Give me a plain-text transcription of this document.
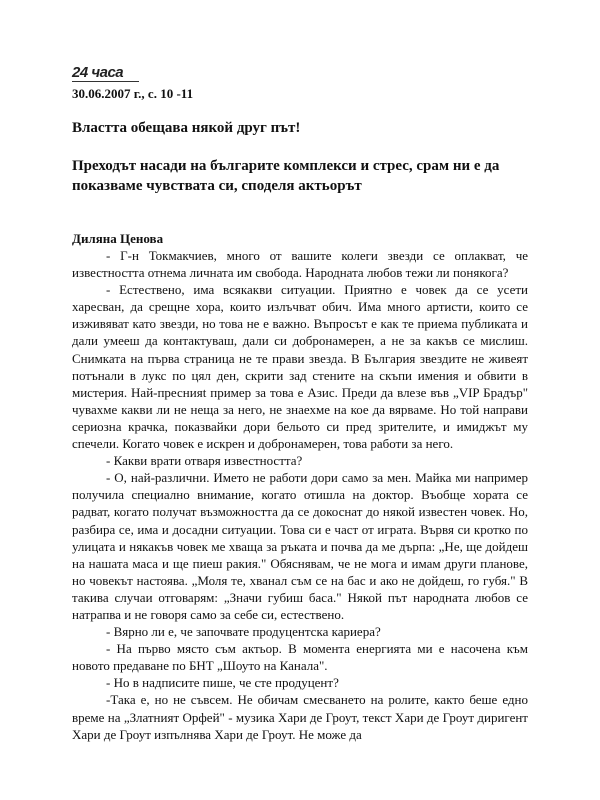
24 часа
30.06.2007 г., с. 10 -11
Властта обещава някой друг път!
Преходът насади на българите комплекси и стрес, срам ни е да показваме чувствата си, споделя актьорът
Диляна Ценова

- Г-н Токмакчиев, много от вашите колеги звезди се оплакват, че известността отнема личната им свобода. Народната любов тежи ли понякога?

- Естествено, има всякакви ситуации. Приятно е човек да се усети харесван, да срещне хора, които излъчват обич. Има много артисти, които се изживяват като звезди, но това не е важно. Въпросът е как те приема публиката и дали умееш да контактуваш, дали си добронамерен, а не за какъв се мислиш. Снимката на първа страница не те прави звезда. В България звездите не живеят потънали в лукс по цял ден, скрити зад стените на скъпи имения и обвити в мистерия. Най-преснияt пример за това е Азис. Преди да влезе във „VIP Брадър" чувахме какви ли не неща за него, не знаехме на кое да вярваме. Но той направи сериозна крачка, показвайки дори бельото си пред зрителите, и имиджът му спечели. Когато човек е искрен и добронамерен, това работи за него.

- Какви врати отваря известността?

- О, най-различни. Името не работи дори само за мен. Майка ми например получила специално внимание, когато отишла на доктор. Въобще хората се радват, когато получат възможността да се докоснат до някой известен човек. Но, разбира се, има и досадни ситуации. Това си е част от играта. Вървя си кротко по улицата и някакъв човек ме хваща за ръката и почва да ме дърпа: „Не, ще дойдеш на нашата маса и ще пиеш ракия." Обяснявам, че не мога и имам други планове, но човекът настоява. „Моля те, хванал съм се на бас и ако не дойдеш, го губя." В такива случаи отговарям: „Значи губиш баса." Някой път народната любов се натрапва и не говоря само за себе си, естествено.

- Вярно ли е, че започвате продуцентска кариера?

- На първо място съм актьор. В момента енергията ми е насочена към новото предаване по БНТ „Шоуто на Канала".

- Но в надписите пише, че сте продуцент?

-Така е, но не съвсем. Не обичам смесването на ролите, както беше едно време на „Златният Орфей" - музика Хари де Гроут, текст Хари де Гроут диригент Хари де Гроут изпълнява Хари де Гроут. Не може да
